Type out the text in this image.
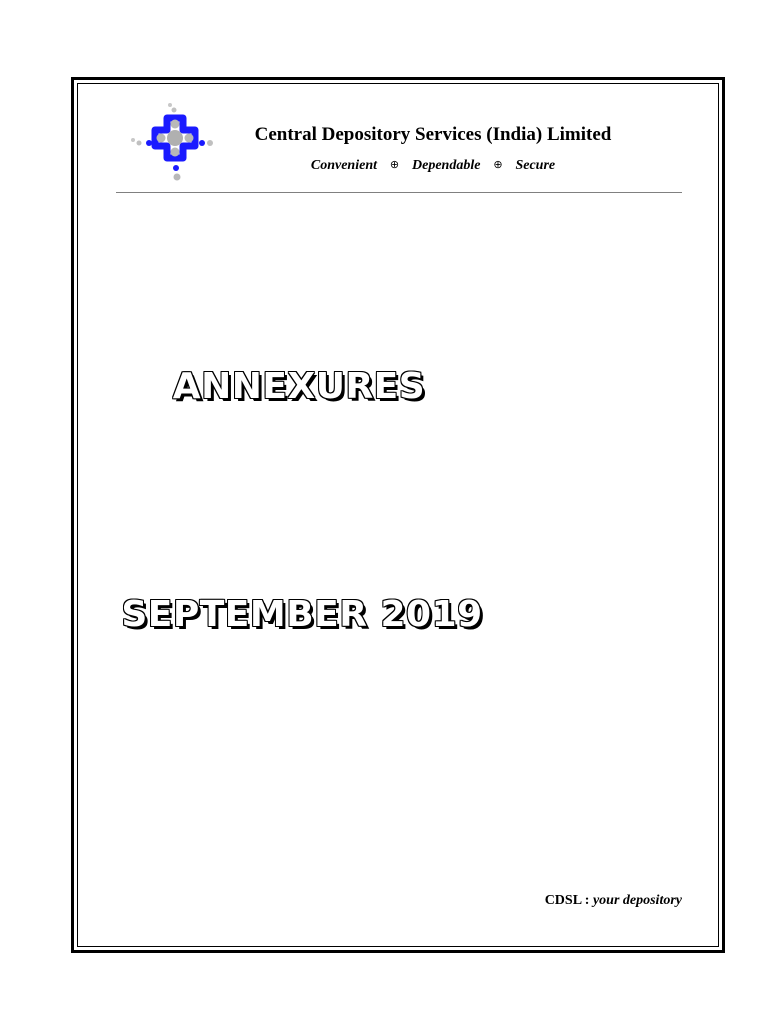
Central Depository Services (India) Limited
Convenient ⊕ Dependable ⊕ Secure
ANNEXURES
SEPTEMBER 2019
CDSL : your depository
